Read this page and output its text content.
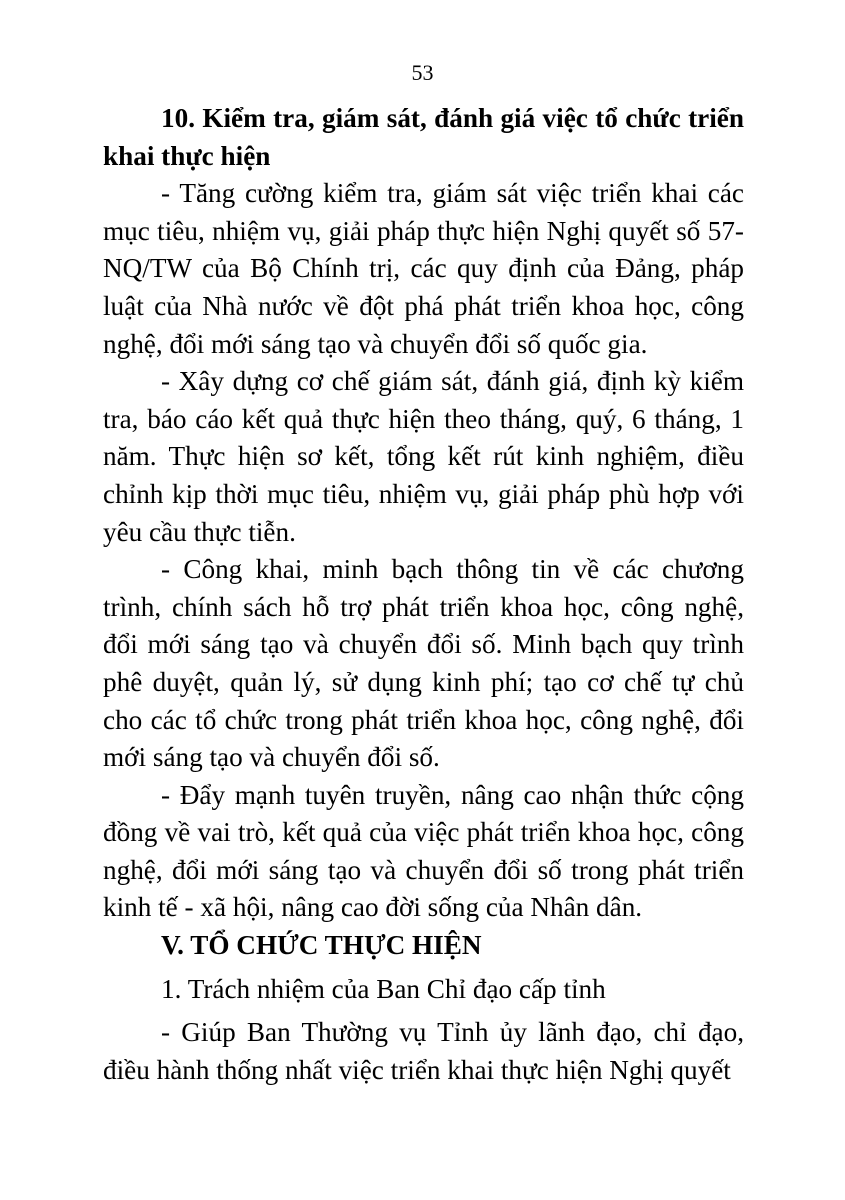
53

10. Kiểm tra, giám sát, đánh giá việc tổ chức triển khai thực hiện

- Tăng cường kiểm tra, giám sát việc triển khai các mục tiêu, nhiệm vụ, giải pháp thực hiện Nghị quyết số 57-NQ/TW của Bộ Chính trị, các quy định của Đảng, pháp luật của Nhà nước về đột phá phát triển khoa học, công nghệ, đổi mới sáng tạo và chuyển đổi số quốc gia.

- Xây dựng cơ chế giám sát, đánh giá, định kỳ kiểm tra, báo cáo kết quả thực hiện theo tháng, quý, 6 tháng, 1 năm. Thực hiện sơ kết, tổng kết rút kinh nghiệm, điều chỉnh kịp thời mục tiêu, nhiệm vụ, giải pháp phù hợp với yêu cầu thực tiễn.

- Công khai, minh bạch thông tin về các chương trình, chính sách hỗ trợ phát triển khoa học, công nghệ, đổi mới sáng tạo và chuyển đổi số. Minh bạch quy trình phê duyệt, quản lý, sử dụng kinh phí; tạo cơ chế tự chủ cho các tổ chức trong phát triển khoa học, công nghệ, đổi mới sáng tạo và chuyển đổi số.

- Đẩy mạnh tuyên truyền, nâng cao nhận thức cộng đồng về vai trò, kết quả của việc phát triển khoa học, công nghệ, đổi mới sáng tạo và chuyển đổi số trong phát triển kinh tế - xã hội, nâng cao đời sống của Nhân dân.

V. TỔ CHỨC THỰC HIỆN

1. Trách nhiệm của Ban Chỉ đạo cấp tỉnh

- Giúp Ban Thường vụ Tỉnh ủy lãnh đạo, chỉ đạo, điều hành thống nhất việc triển khai thực hiện Nghị quyết
